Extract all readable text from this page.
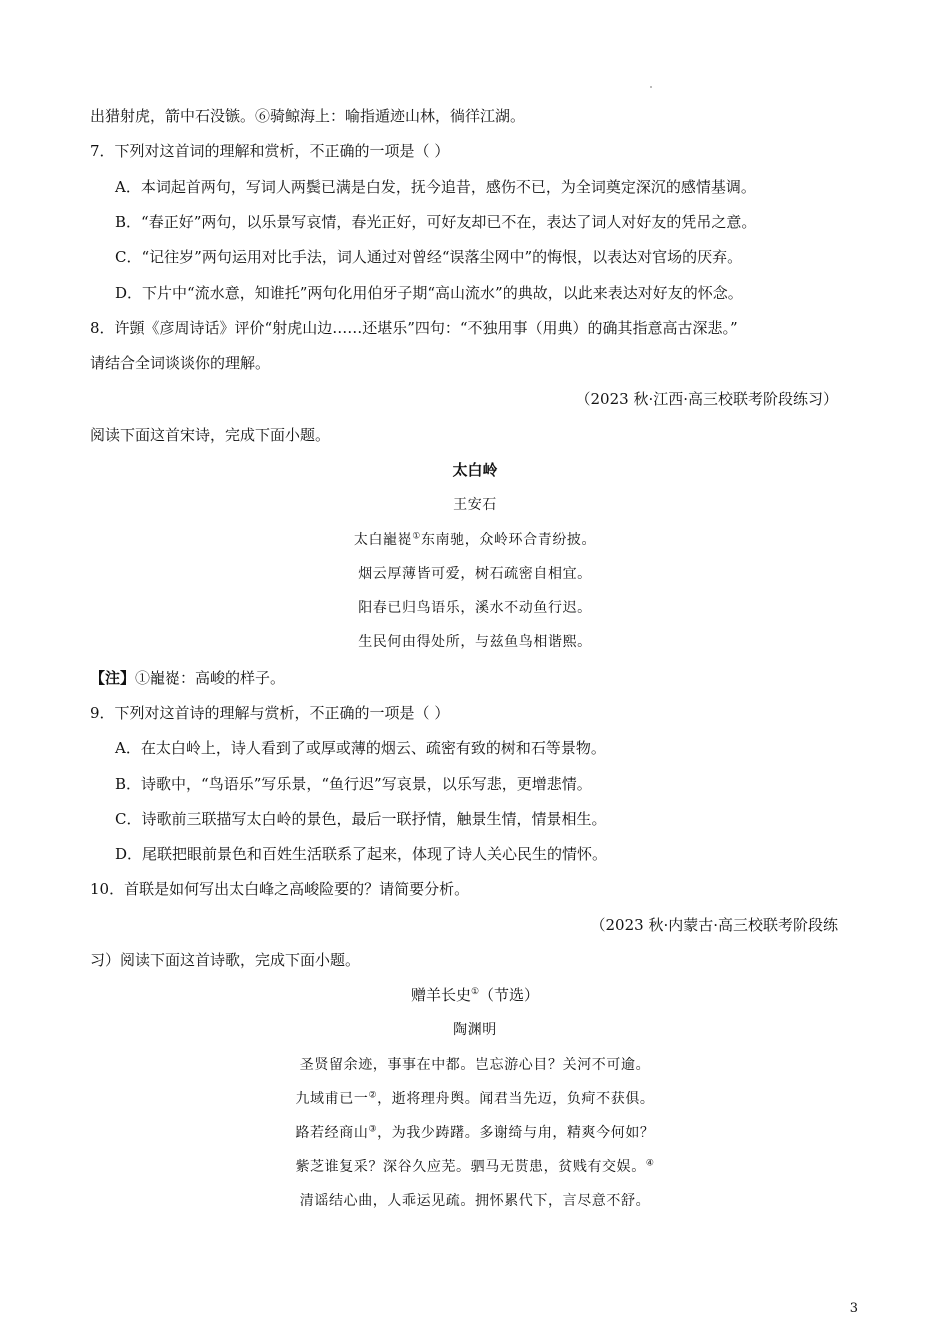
出猎射虎，箭中石没镞。⑥骑鲸海上：喻指遁迹山林，徜徉江湖。
7．下列对这首词的理解和赏析，不正确的一项是（ ）
A．本词起首两句，写词人两鬓已满是白发，抚今追昔，感伤不已，为全词奠定深沉的感情基调。
B．“春正好”两句，以乐景写哀情，春光正好，可好友却已不在，表达了词人对好友的凭吊之意。
C．“记往岁”两句运用对比手法，词人通过对曾经“误落尘网中”的悔恨，以表达对官场的厌弃。
D．下片中“流水意，知谁托”两句化用伯牙子期“高山流水”的典故，以此来表达对好友的怀念。
8．许顗《彦周诗话》评价“射虎山边……还堪乐”四句：“不独用事（用典）的确其指意高古深悲。”
请结合全词谈谈你的理解。
（2023 秋·江西·高三校联考阶段练习）
阅读下面这首宋诗，完成下面小题。
太白岭
王安石
太白巃嵸①东南驰，众岭环合青纷披。
烟云厚薄皆可爱，树石疏密自相宜。
阳春已归鸟语乐，溪水不动鱼行迟。
生民何由得处所，与兹鱼鸟相谐熙。
【注】①巃嵸：高峻的样子。
9．下列对这首诗的理解与赏析，不正确的一项是（ ）
A．在太白岭上，诗人看到了或厚或薄的烟云、疏密有致的树和石等景物。
B．诗歌中，“鸟语乐”写乐景，“鱼行迟”写哀景，以乐写悲，更增悲情。
C．诗歌前三联描写太白岭的景色，最后一联抒情，触景生情，情景相生。
D．尾联把眼前景色和百姓生活联系了起来，体现了诗人关心民生的情怀。
10．首联是如何写出太白峰之高峻险要的？请简要分析。
（2023 秋·内蒙古·高三校联考阶段练
习）阅读下面这首诗歌，完成下面小题。
赠羊长史①（节选）
陶渊明
圣贤留余迹，事事在中都。岂忘游心目？关河不可逾。
九域甫已一②，逝将理舟舆。闻君当先迈，负疴不获俱。
路若经商山③，为我少踌躇。多谢绮与甪，精爽今何如？
紫芝谁复采？深谷久应芜。驷马无贳患，贫贱有交娱。④
清谣结心曲，人乖运见疏。拥怀累代下，言尽意不舒。
3
